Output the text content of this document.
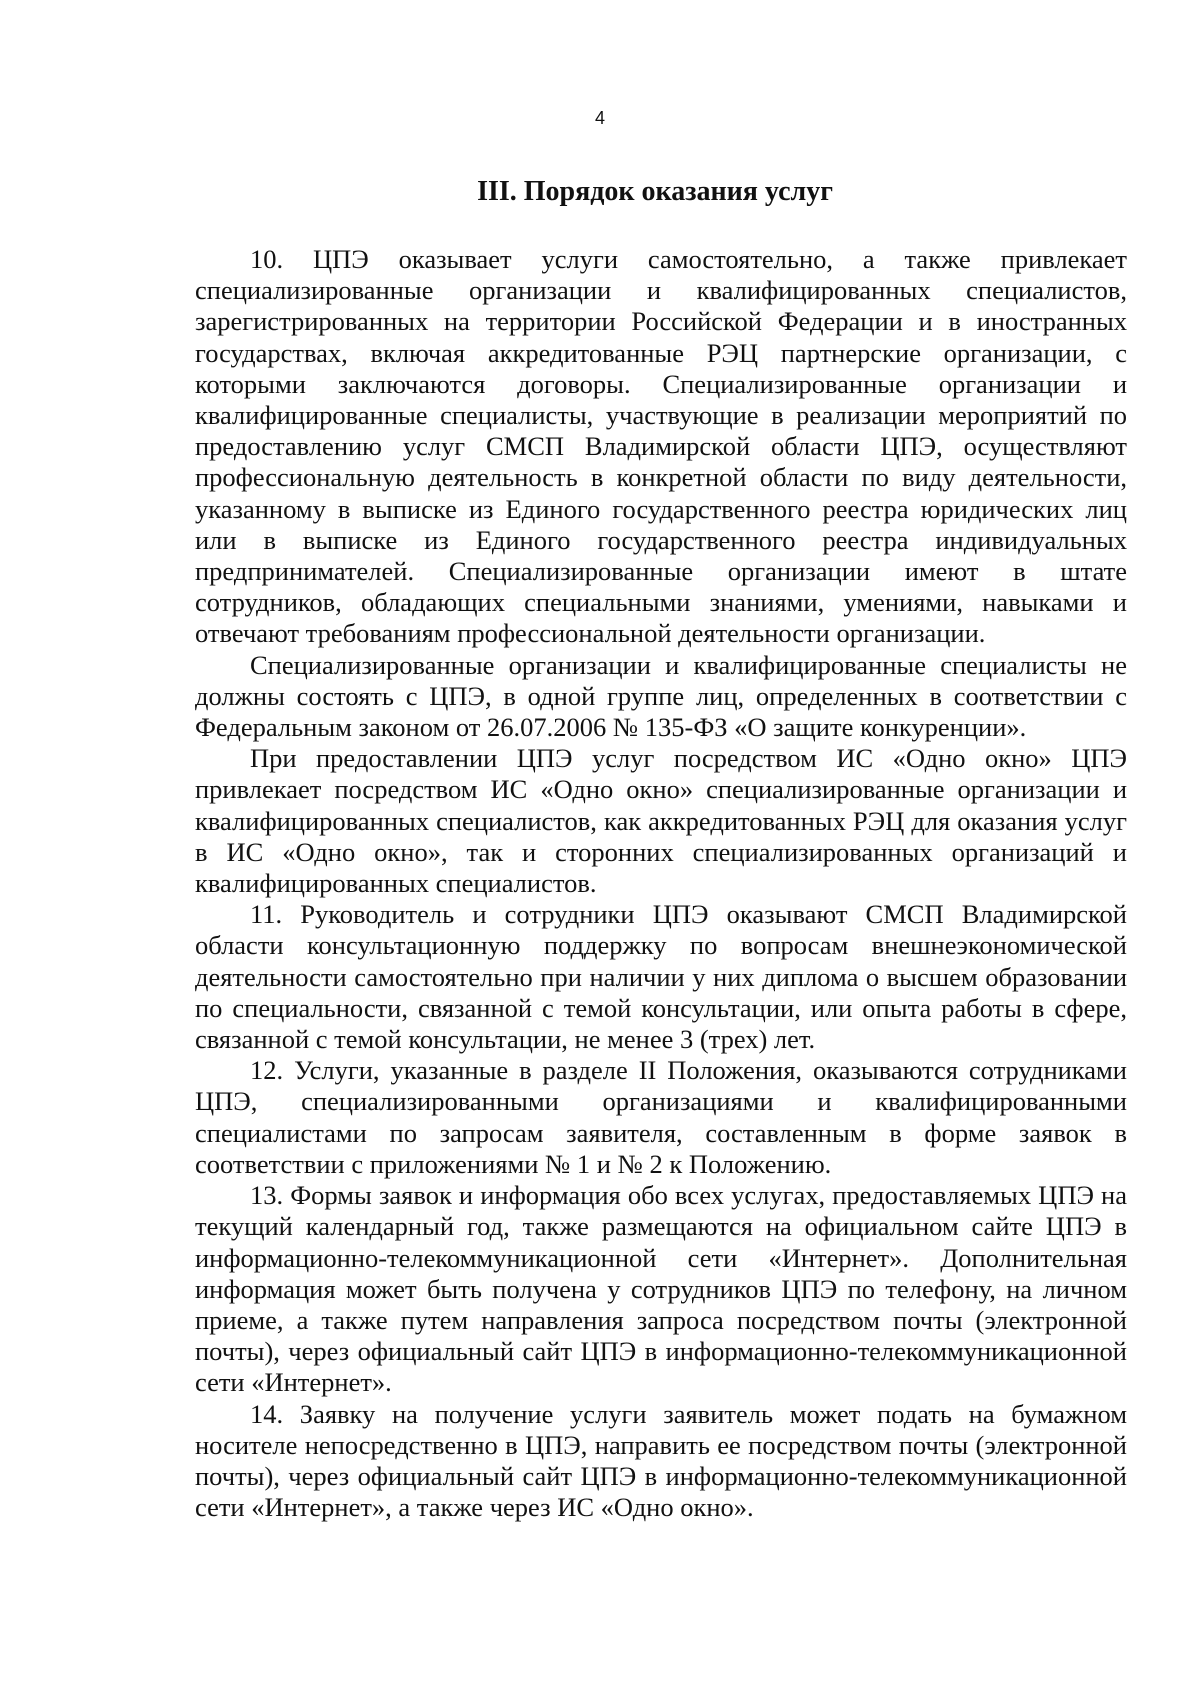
4
III. Порядок оказания услуг

10. ЦПЭ оказывает услуги самостоятельно, а также привлекает специализированные организации и квалифицированных специалистов, зарегистрированных на территории Российской Федерации и в иностранных государствах, включая аккредитованные РЭЦ партнерские организации, с которыми заключаются договоры. Специализированные организации и квалифицированные специалисты, участвующие в реализации мероприятий по предоставлению услуг СМСП Владимирской области ЦПЭ, осуществляют профессиональную деятельность в конкретной области по виду деятельности, указанному в выписке из Единого государственного реестра юридических лиц или в выписке из Единого государственного реестра индивидуальных предпринимателей. Специализированные организации имеют в штате сотрудников, обладающих специальными знаниями, умениями, навыками и отвечают требованиям профессиональной деятельности организации.

Специализированные организации и квалифицированные специалисты не должны состоять с ЦПЭ, в одной группе лиц, определенных в соответствии с Федеральным законом от 26.07.2006 № 135-ФЗ «О защите конкуренции».

При предоставлении ЦПЭ услуг посредством ИС «Одно окно» ЦПЭ привлекает посредством ИС «Одно окно» специализированные организации и квалифицированных специалистов, как аккредитованных РЭЦ для оказания услуг в ИС «Одно окно», так и сторонних специализированных организаций и квалифицированных специалистов.

11. Руководитель и сотрудники ЦПЭ оказывают СМСП Владимирской области консультационную поддержку по вопросам внешнеэкономической деятельности самостоятельно при наличии у них диплома о высшем образовании по специальности, связанной с темой консультации, или опыта работы в сфере, связанной с темой консультации, не менее 3 (трех) лет.

12. Услуги, указанные в разделе II Положения, оказываются сотрудниками ЦПЭ, специализированными организациями и квалифицированными специалистами по запросам заявителя, составленным в форме заявок в соответствии с приложениями № 1 и № 2 к Положению.

13. Формы заявок и информация обо всех услугах, предоставляемых ЦПЭ на текущий календарный год, также размещаются на официальном сайте ЦПЭ в информационно-телекоммуникационной сети «Интернет». Дополнительная информация может быть получена у сотрудников ЦПЭ по телефону, на личном приеме, а также путем направления запроса посредством почты (электронной почты), через официальный сайт ЦПЭ в информационно-телекоммуникационной сети «Интернет».

14. Заявку на получение услуги заявитель может подать на бумажном носителе непосредственно в ЦПЭ, направить ее посредством почты (электронной почты), через официальный сайт ЦПЭ в информационно-телекоммуникационной сети «Интернет», а также через ИС «Одно окно».
